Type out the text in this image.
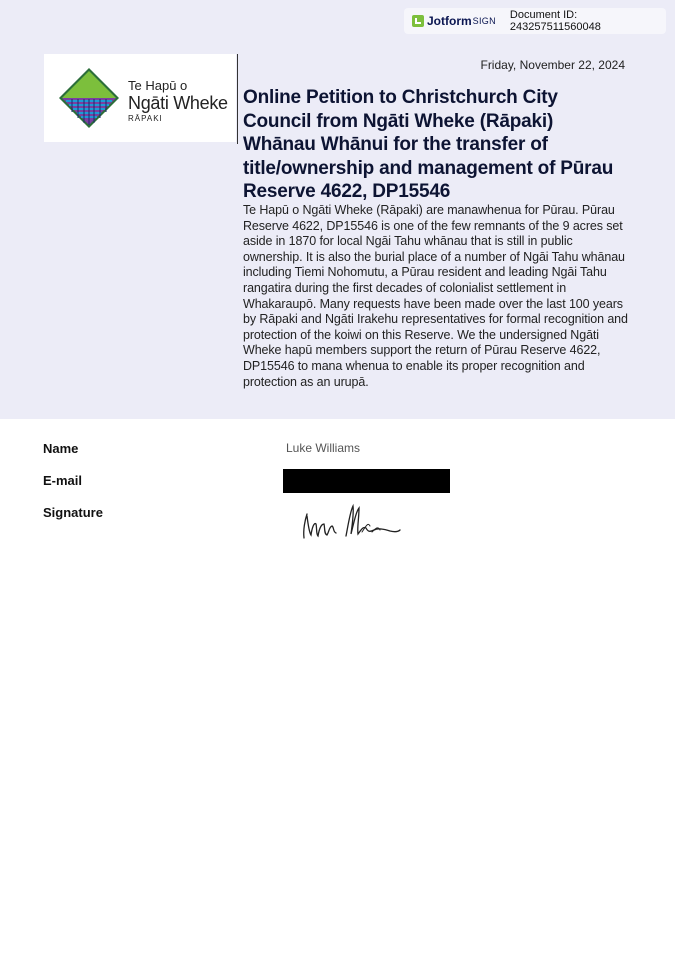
Jotform SIGN Document ID: 243257511560048
Te Hapū o
Ngāti Wheke
RĀPAKI
Friday, November 22, 2024
Online Petition to Christchurch City Council from Ngāti Wheke (Rāpaki) Whānau Whānui for the transfer of title/ownership and management of Pūrau Reserve 4622, DP15546

Te Hapū o Ngāti Wheke (Rāpaki) are manawhenua for Pūrau. Pūrau Reserve 4622, DP15546 is one of the few remnants of the 9 acres set aside in 1870 for local Ngāi Tahu whānau that is still in public ownership. It is also the burial place of a number of Ngāi Tahu whānau including Tiemi Nohomutu, a Pūrau resident and leading Ngāi Tahu rangatira during the first decades of colonialist settlement in Whakaraupō. Many requests have been made over the last 100 years by Rāpaki and Ngāti Irakehu representatives for formal recognition and protection of the koiwi on this Reserve. We the undersigned Ngāti Wheke hapū members support the return of Pūrau Reserve 4622, DP15546 to mana whenua to enable its proper recognition and protection as an urupā.

Name	Luke Williams
E-mail
Signature
